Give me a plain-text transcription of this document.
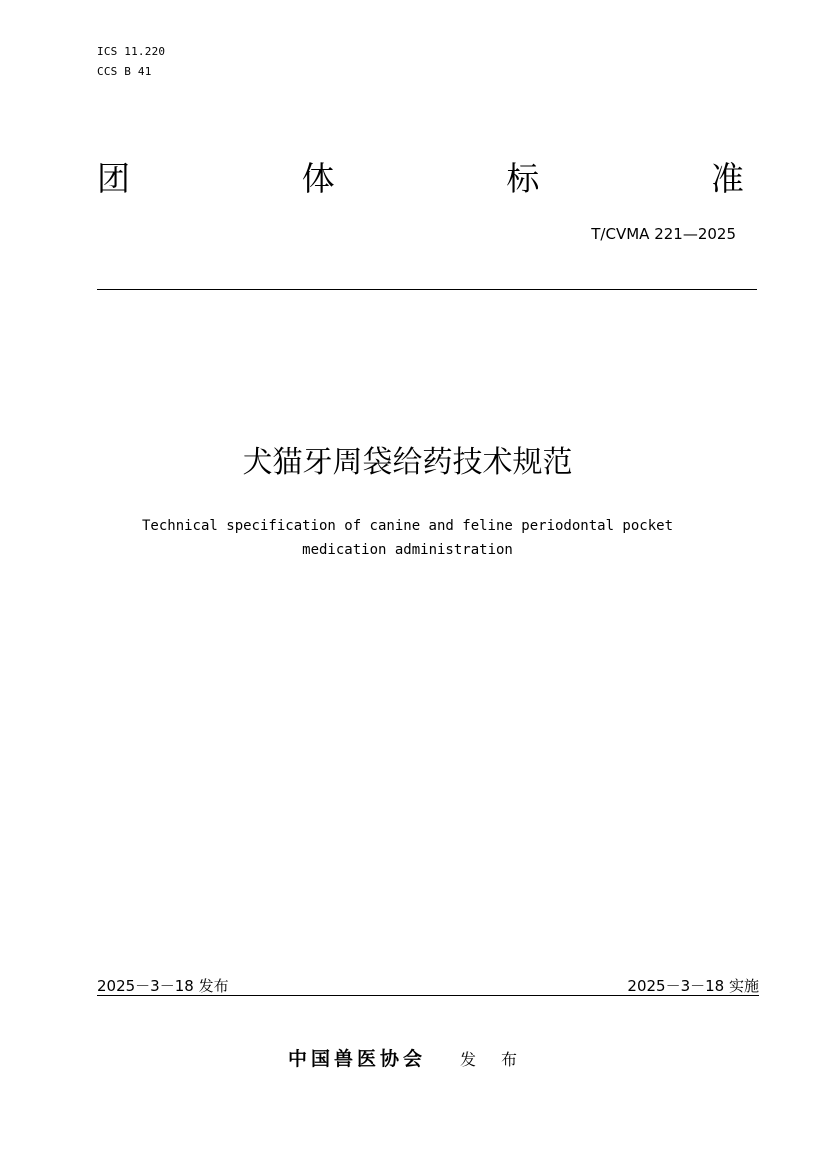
ICS 11.220
CCS B 41
团	体	标	准
T/CVMA 221—2025
犬猫牙周袋给药技术规范
Technical specification of canine and feline periodontal pocket
medication administration
2025－3－18 发布	2025－3－18 实施
中国兽医协会 发 布
